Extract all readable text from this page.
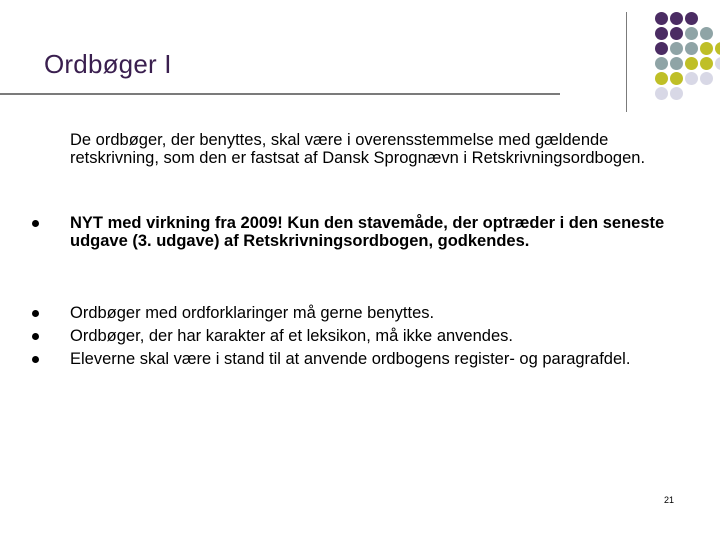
Ordbøger I
De ordbøger, der benyttes, skal være i overensstemmelse med gældende retskrivning, som den er fastsat af Dansk Sprognævn i Retskrivningsordbogen.
NYT med virkning fra 2009! Kun den stavemåde, der optræder i den seneste udgave (3. udgave) af Retskrivningsordbogen, godkendes.
Ordbøger med ordforklaringer må gerne benyttes.
Ordbøger, der har karakter af et leksikon, må ikke anvendes.
Eleverne skal være i stand til at anvende ordbogens register- og paragrafdel.
21
